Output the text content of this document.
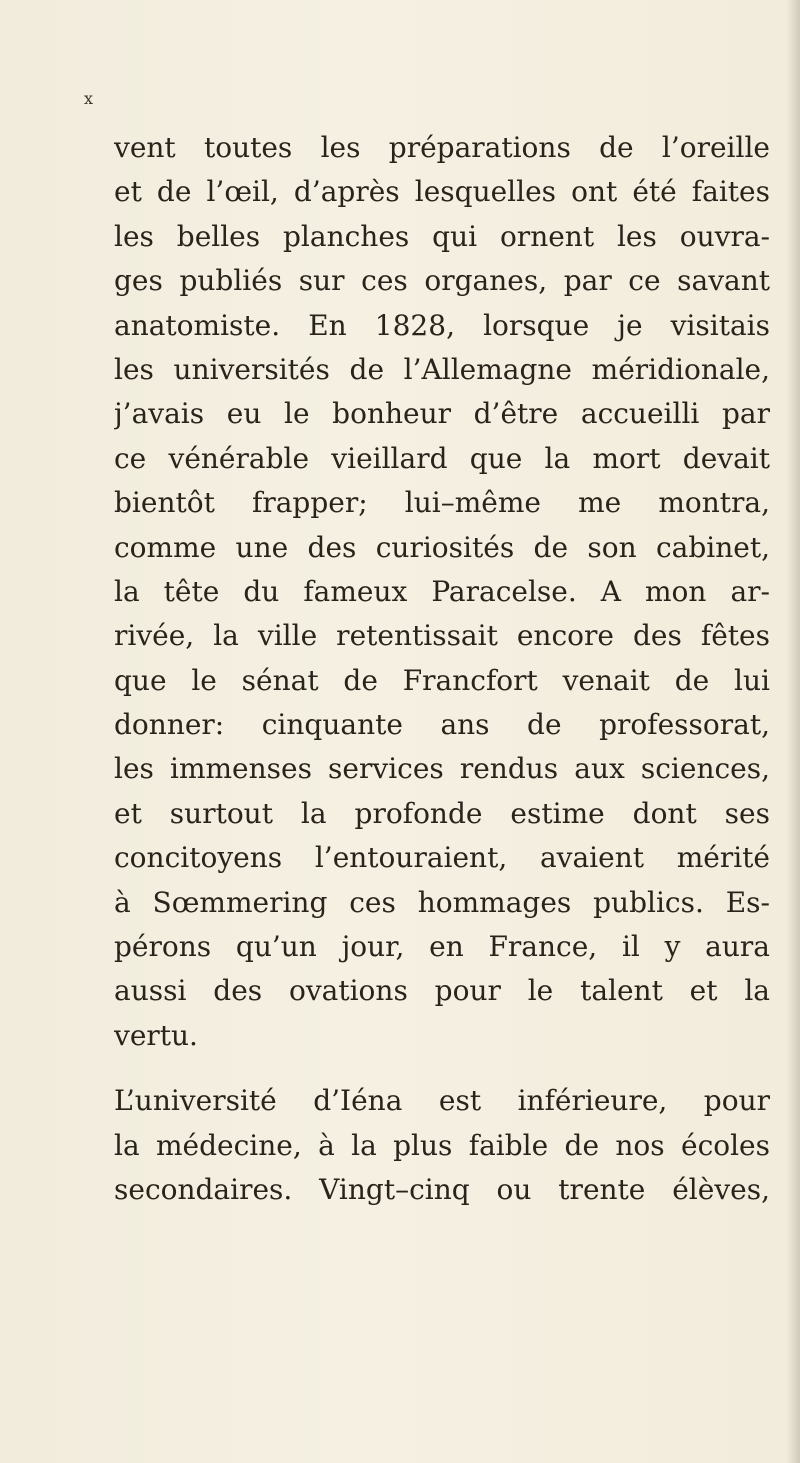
x
vent toutes les préparations de l’oreille
et de l’œil, d’après lesquelles ont été faites
les belles planches qui ornent les ouvra-
ges publiés sur ces organes, par ce savant
anatomiste. En 1828, lorsque je visitais
les universités de l’Allemagne méridionale,
j’avais eu le bonheur d’être accueilli par
ce vénérable vieillard que la mort devait
bientôt frapper; lui–même me montra,
comme une des curiosités de son cabinet,
la tête du fameux Paracelse. A mon ar-
rivée, la ville retentissait encore des fêtes
que le sénat de Francfort venait de lui
donner: cinquante ans de professorat,
les immenses services rendus aux sciences,
et surtout la profonde estime dont ses
concitoyens l’entouraient, avaient mérité
à Sœmmering ces hommages publics. Es-
pérons qu’un jour, en France, il y aura
aussi des ovations pour le talent et la
vertu.
L’université d’Iéna est inférieure, pour
la médecine, à la plus faible de nos écoles
secondaires. Vingt–cinq ou trente élèves,
